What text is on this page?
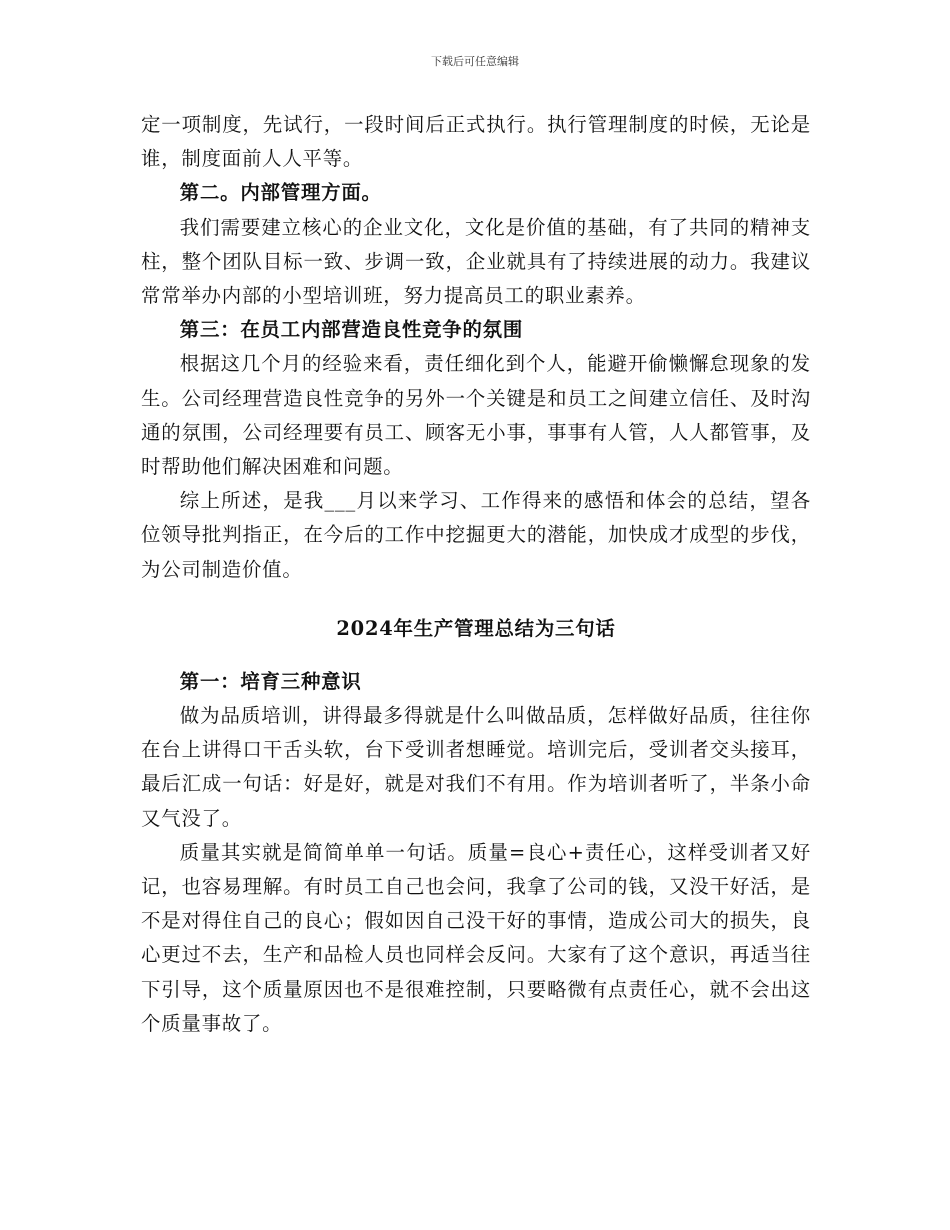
下载后可任意编辑

定一项制度，先试行，一段时间后正式执行。执行管理制度的时候，无论是谁，制度面前人人平等。

第二。内部管理方面。

我们需要建立核心的企业文化，文化是价值的基础，有了共同的精神支柱，整个团队目标一致、步调一致，企业就具有了持续进展的动力。我建议常常举办内部的小型培训班，努力提高员工的职业素养。

第三：在员工内部营造良性竞争的氛围

根据这几个月的经验来看，责任细化到个人，能避开偷懒懈怠现象的发生。公司经理营造良性竞争的另外一个关键是和员工之间建立信任、及时沟通的氛围，公司经理要有员工、顾客无小事，事事有人管，人人都管事，及时帮助他们解决困难和问题。

综上所述，是我___月以来学习、工作得来的感悟和体会的总结，望各位领导批判指正，在今后的工作中挖掘更大的潜能，加快成才成型的步伐，为公司制造价值。

2024年生产管理总结为三句话

第一：培育三种意识

做为品质培训，讲得最多得就是什么叫做品质，怎样做好品质，往往你在台上讲得口干舌头软，台下受训者想睡觉。培训完后，受训者交头接耳，最后汇成一句话：好是好，就是对我们不有用。作为培训者听了，半条小命又气没了。

质量其实就是简简单单一句话。质量=良心+责任心，这样受训者又好记，也容易理解。有时员工自己也会问，我拿了公司的钱，又没干好活，是不是对得住自己的良心；假如因自己没干好的事情，造成公司大的损失，良心更过不去，生产和品检人员也同样会反问。大家有了这个意识，再适当往下引导，这个质量原因也不是很难控制，只要略微有点责任心，就不会出这个质量事故了。
